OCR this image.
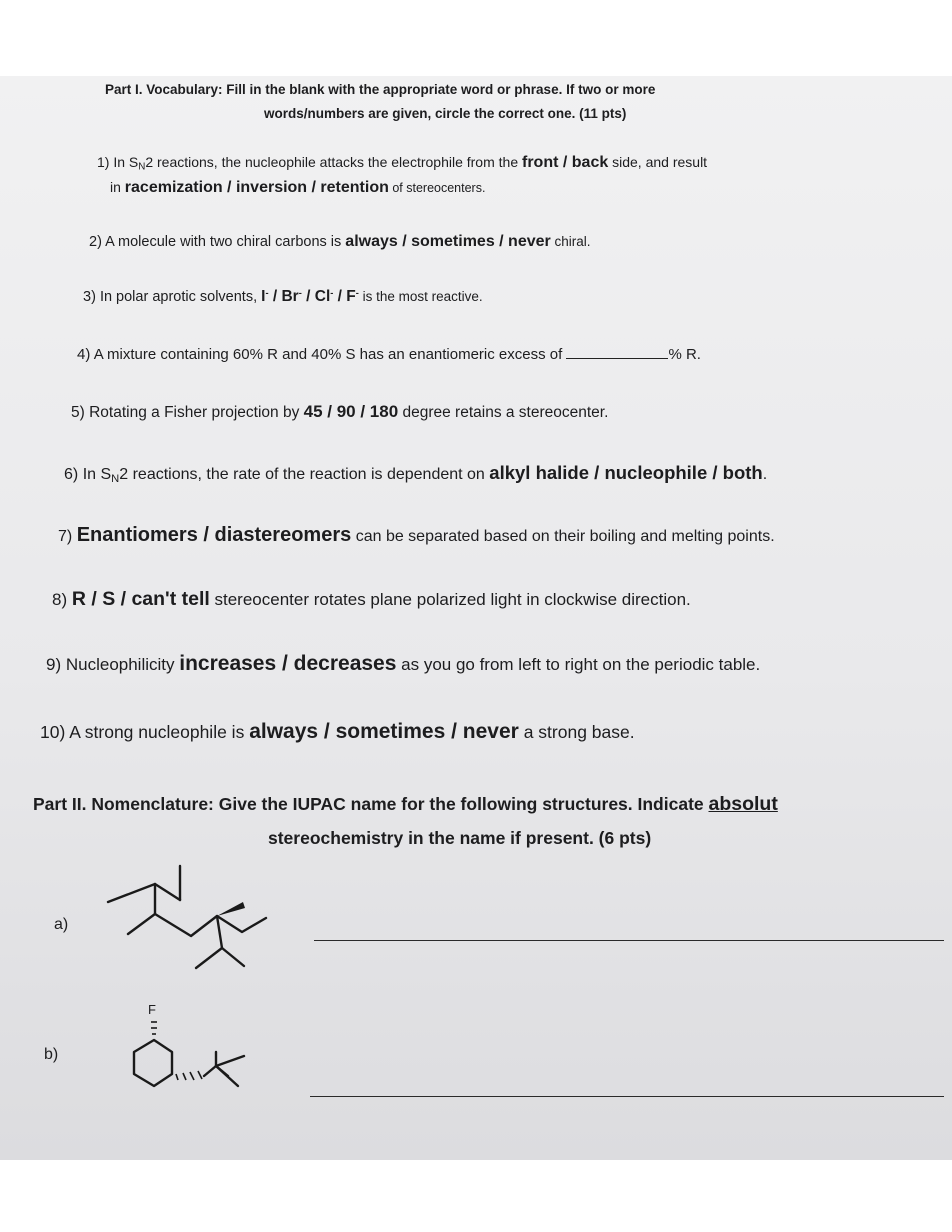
Part I. Vocabulary: Fill in the blank with the appropriate word or phrase. If two or more
words/numbers are given, circle the correct one. (11 pts)
1) In $S_N2$ reactions, the nucleophile attacks the electrophile from the front / back side, and result
in racemization / inversion / retention of stereocenters.
2) A molecule with two chiral carbons is always / sometimes / never chiral.
3) In polar aprotic solvents, I- / Br- / Cl- / F- is the most reactive.
4) A mixture containing 60% R and 40% S has an enantiomeric excess of	% R.
5) Rotating a Fisher projection by 45 / 90 / 180 degree retains a stereocenter.
6) In $S_N2$ reactions, the rate of the reaction is dependent on alkyl halide / nucleophile / both.
7) Enantiomers / diastereomers can be separated based on their boiling and melting points.
8) R / S / can't tell stereocenter rotates plane polarized light in clockwise direction.
9) Nucleophilicity increases / decreases as you go from left to right on the periodic table.
10) A strong nucleophile is always / sometimes / never a strong base.
Part II. Nomenclature: Give the IUPAC name for the following structures. Indicate absolut
stereochemistry in the name if present. (6 pts)
a)
b)
F
